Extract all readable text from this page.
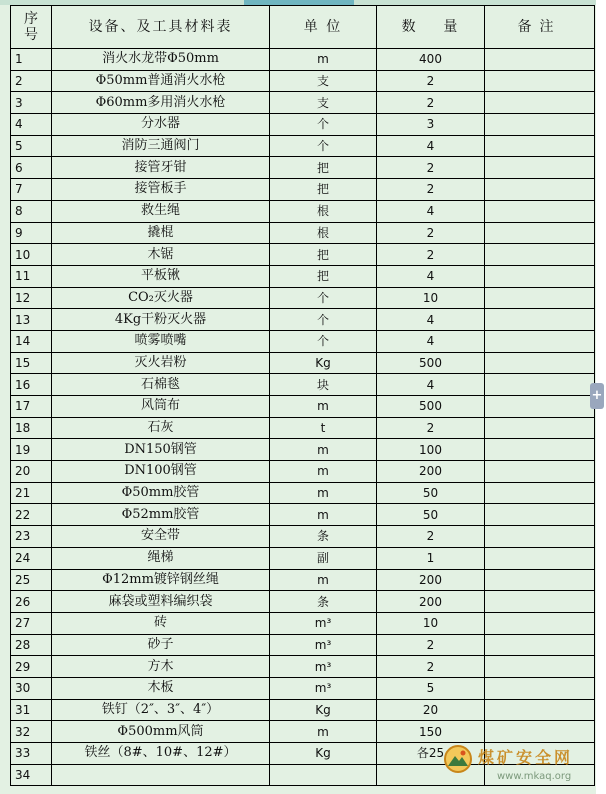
序号	设备、及工具材料表	单 位	数    量	备注
1	消火水龙带Φ50mm	m	400	
2	Φ50mm普通消火水枪	支	2	
3	Φ60mm多用消火水枪	支	2	
4	分水器	个	3	
5	消防三通阀门	个	4	
6	接管牙钳	把	2	
7	接管板手	把	2	
8	救生绳	根	4	
9	撬棍	根	2	
10	木锯	把	2	
11	平板锹	把	4	
12	CO₂灭火器	个	10	
13	4Kg干粉灭火器	个	4	
14	喷雾喷嘴	个	4	
15	灭火岩粉	Kg	500	
16	石棉毯	块	4	
17	风筒布	m	500	
18	石灰	t	2	
19	DN150钢管	m	100	
20	DN100钢管	m	200	
21	Φ50mm胶管	m	50	
22	Φ52mm胶管	m	50	
23	安全带	条	2	
24	绳梯	副	1	
25	Φ12mm镀锌钢丝绳	m	200	
26	麻袋或塑料编织袋	条	200	
27	砖	m³	10	
28	砂子	m³	2	
29	方木	m³	2	
30	木板	m³	5	
31	铁钉（2″、3″、4″）	Kg	20	
32	Φ500mm风筒	m	150	
33	铁丝（8#、10#、12#）	Kg	各25	
34				
+
煤矿安全网
www.mkaq.org
